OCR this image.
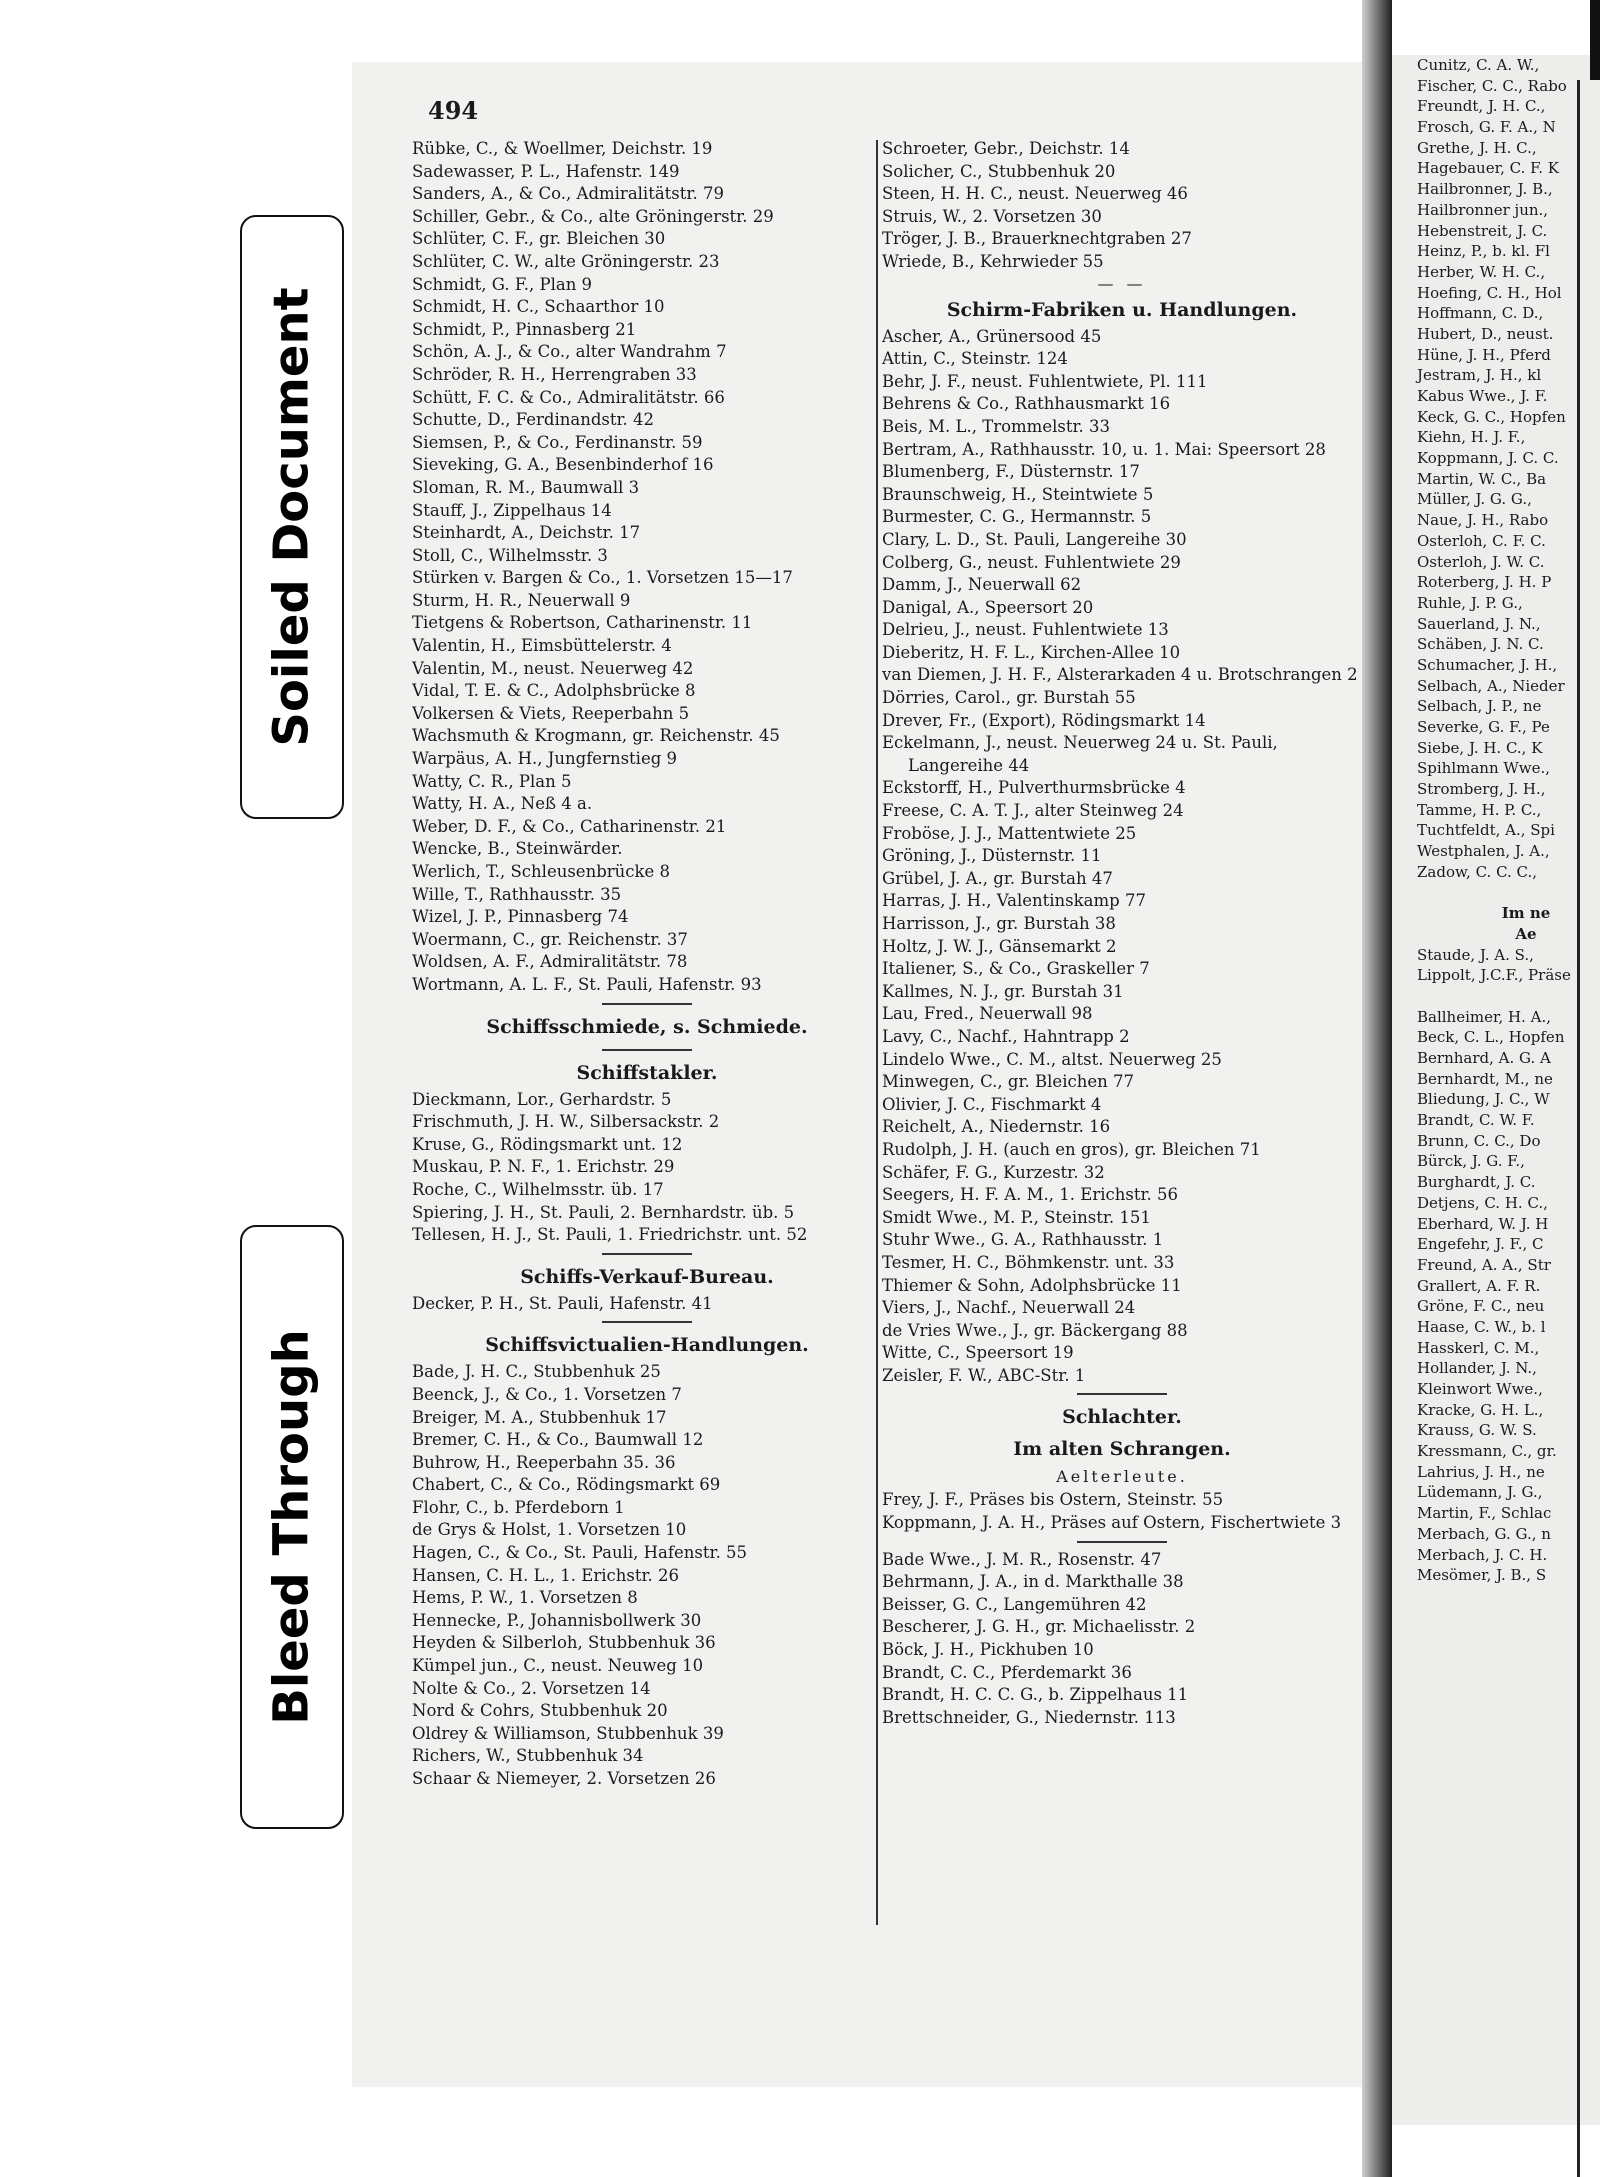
Cunitz, C. A. W.,
Fischer, C. C., Rabo
Freundt, J. H. C.,
Frosch, G. F. A., N
Grethe, J. H. C.,
Hagebauer, C. F. K
Hailbronner, J. B.,
Hailbronner jun.,
Hebenstreit, J. C.
Heinz, P., b. kl. Fl
Herber, W. H. C.,
Hoefing, C. H., Hol
Hoffmann, C. D.,
Hubert, D., neust.
Hüne, J. H., Pferd
Jestram, J. H., kl
Kabus Wwe., J. F.
Keck, G. C., Hopfen
Kiehn, H. J. F.,
Koppmann, J. C. C.
Martin, W. C., Ba
Müller, J. G. G.,
Naue, J. H., Rabo
Osterloh, C. F. C.
Osterloh, J. W. C.
Roterberg, J. H. P
Ruhle, J. P. G.,
Sauerland, J. N.,
Schäben, J. N. C.
Schumacher, J. H.,
Selbach, A., Nieder
Selbach, J. P., ne
Severke, G. F., Pe
Siebe, J. H. C., K
Spihlmann Wwe.,
Stromberg, J. H.,
Tamme, H. P. C.,
Tuchtfeldt, A., Spi
Westphalen, J. A.,
Zadow, C. C. C.,
Im ne
Ae
Staude, J. A. S.,
Lippolt, J.C.F., Präse
Ballheimer, H. A.,
Beck, C. L., Hopfen
Bernhard, A. G. A
Bernhardt, M., ne
Bliedung, J. C., W
Brandt, C. W. F.
Brunn, C. C., Do
Bürck, J. G. F.,
Burghardt, J. C.
Detjens, C. H. C.,
Eberhard, W. J. H
Engefehr, J. F., C
Freund, A. A., Str
Grallert, A. F. R.
Gröne, F. C., neu
Haase, C. W., b. l
Hasskerl, C. M.,
Hollander, J. N.,
Kleinwort Wwe.,
Kracke, G. H. L.,
Krauss, G. W. S.
Kressmann, C., gr.
Lahrius, J. H., ne
Lüdemann, J. G.,
Martin, F., Schlac
Merbach, G. G., n
Merbach, J. C. H.
Mesömer, J. B., S
494
Rübke, C., & Woellmer, Deichstr. 19
Sadewasser, P. L., Hafenstr. 149
Sanders, A., & Co., Admiralitätstr. 79
Schiller, Gebr., & Co., alte Gröningerstr. 29
Schlüter, C. F., gr. Bleichen 30
Schlüter, C. W., alte Gröningerstr. 23
Schmidt, G. F., Plan 9
Schmidt, H. C., Schaarthor 10
Schmidt, P., Pinnasberg 21
Schön, A. J., & Co., alter Wandrahm 7
Schröder, R. H., Herrengraben 33
Schütt, F. C. & Co., Admiralitätstr. 66
Schutte, D., Ferdinandstr. 42
Siemsen, P., & Co., Ferdinanstr. 59
Sieveking, G. A., Besenbinderhof 16
Sloman, R. M., Baumwall 3
Stauff, J., Zippelhaus 14
Steinhardt, A., Deichstr. 17
Stoll, C., Wilhelmsstr. 3
Stürken v. Bargen & Co., 1. Vorsetzen 15—17
Sturm, H. R., Neuerwall 9
Tietgens & Robertson, Catharinenstr. 11
Valentin, H., Eimsbüttelerstr. 4
Valentin, M., neust. Neuerweg 42
Vidal, T. E. & C., Adolphsbrücke 8
Volkersen & Viets, Reeperbahn 5
Wachsmuth & Krogmann, gr. Reichenstr. 45
Warpäus, A. H., Jungfernstieg 9
Watty, C. R., Plan 5
Watty, H. A., Neß 4 a.
Weber, D. F., & Co., Catharinenstr. 21
Wencke, B., Steinwärder.
Werlich, T., Schleusenbrücke 8
Wille, T., Rathhausstr. 35
Wizel, J. P., Pinnasberg 74
Woermann, C., gr. Reichenstr. 37
Woldsen, A. F., Admiralitätstr. 78
Wortmann, A. L. F., St. Pauli, Hafenstr. 93
Schiffsschmiede, s. Schmiede.
Schiffstakler.
Dieckmann, Lor., Gerhardstr. 5
Frischmuth, J. H. W., Silbersackstr. 2
Kruse, G., Rödingsmarkt unt. 12
Muskau, P. N. F., 1. Erichstr. 29
Roche, C., Wilhelmsstr. üb. 17
Spiering, J. H., St. Pauli, 2. Bernhardstr. üb. 5
Tellesen, H. J., St. Pauli, 1. Friedrichstr. unt. 52
Schiffs-Verkauf-Bureau.
Decker, P. H., St. Pauli, Hafenstr. 41
Schiffsvictualien-Handlungen.
Bade, J. H. C., Stubbenhuk 25
Beenck, J., & Co., 1. Vorsetzen 7
Breiger, M. A., Stubbenhuk 17
Bremer, C. H., & Co., Baumwall 12
Buhrow, H., Reeperbahn 35. 36
Chabert, C., & Co., Rödingsmarkt 69
Flohr, C., b. Pferdeborn 1
de Grys & Holst, 1. Vorsetzen 10
Hagen, C., & Co., St. Pauli, Hafenstr. 55
Hansen, C. H. L., 1. Erichstr. 26
Hems, P. W., 1. Vorsetzen 8
Hennecke, P., Johannisbollwerk 30
Heyden & Silberloh, Stubbenhuk 36
Kümpel jun., C., neust. Neuweg 10
Nolte & Co., 2. Vorsetzen 14
Nord & Cohrs, Stubbenhuk 20
Oldrey & Williamson, Stubbenhuk 39
Richers, W., Stubbenhuk 34
Schaar & Niemeyer, 2. Vorsetzen 26
Schroeter, Gebr., Deichstr. 14
Solicher, C., Stubbenhuk 20
Steen, H. H. C., neust. Neuerweg 46
Struis, W., 2. Vorsetzen 30
Tröger, J. B., Brauerknechtgraben 27
Wriede, B., Kehrwieder 55
— —
Schirm-Fabriken u. Handlungen.
Ascher, A., Grünersood 45
Attin, C., Steinstr. 124
Behr, J. F., neust. Fuhlentwiete, Pl. 111
Behrens & Co., Rathhausmarkt 16
Beis, M. L., Trommelstr. 33
Bertram, A., Rathhausstr. 10, u. 1. Mai: Speersort 28
Blumenberg, F., Düsternstr. 17
Braunschweig, H., Steintwiete 5
Burmester, C. G., Hermannstr. 5
Clary, L. D., St. Pauli, Langereihe 30
Colberg, G., neust. Fuhlentwiete 29
Damm, J., Neuerwall 62
Danigal, A., Speersort 20
Delrieu, J., neust. Fuhlentwiete 13
Dieberitz, H. F. L., Kirchen-Allee 10
van Diemen, J. H. F., Alsterarkaden 4 u. Brotschrangen 2
Dörries, Carol., gr. Burstah 55
Drever, Fr., (Export), Rödingsmarkt 14
Eckelmann, J., neust. Neuerweg 24 u. St. Pauli, Langereihe 44
Eckstorff, H., Pulverthurmsbrücke 4
Freese, C. A. T. J., alter Steinweg 24
Froböse, J. J., Mattentwiete 25
Gröning, J., Düsternstr. 11
Grübel, J. A., gr. Burstah 47
Harras, J. H., Valentinskamp 77
Harrisson, J., gr. Burstah 38
Holtz, J. W. J., Gänsemarkt 2
Italiener, S., & Co., Graskeller 7
Kallmes, N. J., gr. Burstah 31
Lau, Fred., Neuerwall 98
Lavy, C., Nachf., Hahntrapp 2
Lindelo Wwe., C. M., altst. Neuerweg 25
Minwegen, C., gr. Bleichen 77
Olivier, J. C., Fischmarkt 4
Reichelt, A., Niedernstr. 16
Rudolph, J. H. (auch en gros), gr. Bleichen 71
Schäfer, F. G., Kurzestr. 32
Seegers, H. F. A. M., 1. Erichstr. 56
Smidt Wwe., M. P., Steinstr. 151
Stuhr Wwe., G. A., Rathhausstr. 1
Tesmer, H. C., Böhmkenstr. unt. 33
Thiemer & Sohn, Adolphsbrücke 11
Viers, J., Nachf., Neuerwall 24
de Vries Wwe., J., gr. Bäckergang 88
Witte, C., Speersort 19
Zeisler, F. W., ABC-Str. 1
Schlachter.
Im alten Schrangen.
Aelterleute.
Frey, J. F., Präses bis Ostern, Steinstr. 55
Koppmann, J. A. H., Präses auf Ostern, Fischertwiete 3
Bade Wwe., J. M. R., Rosenstr. 47
Behrmann, J. A., in d. Markthalle 38
Beisser, G. C., Langemühren 42
Bescherer, J. G. H., gr. Michaelisstr. 2
Böck, J. H., Pickhuben 10
Brandt, C. C., Pferdemarkt 36
Brandt, H. C. C. G., b. Zippelhaus 11
Brettschneider, G., Niedernstr. 113
Soiled Document
Bleed Through
